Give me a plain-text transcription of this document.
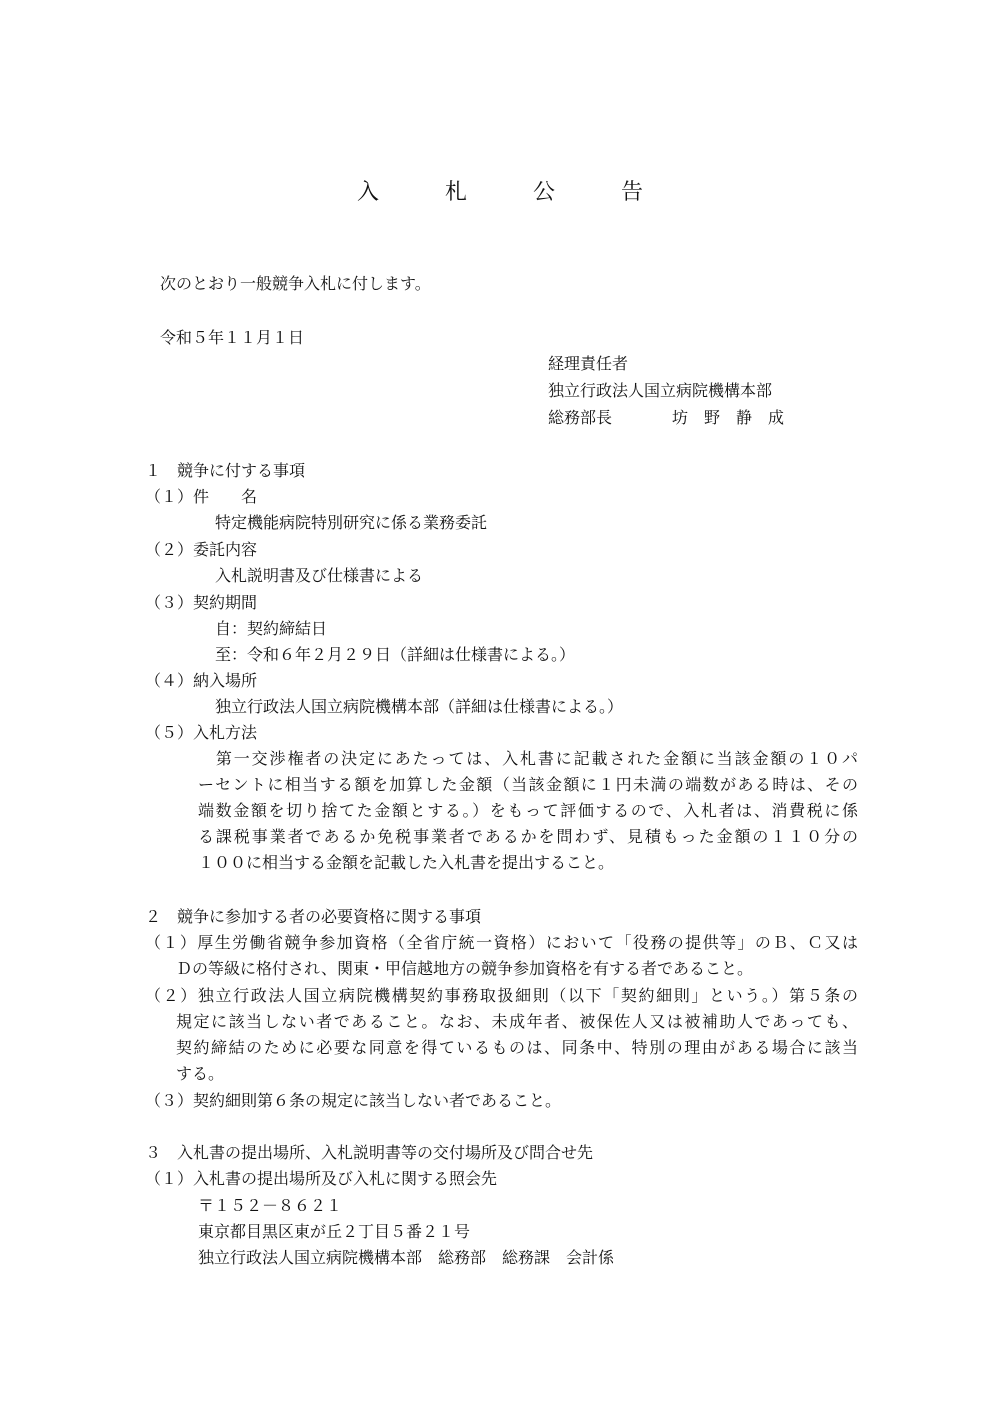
入　札　公　告
次のとおり一般競争入札に付します。
令和５年１１月１日
経理責任者
独立行政法人国立病院機構本部
総務部長	坊　野　静　成
１　競争に付する事項
（１）件　　名
特定機能病院特別研究に係る業務委託
（２）委託内容
入札説明書及び仕様書による
（３）契約期間
自：契約締結日
至：令和６年２月２９日（詳細は仕様書による。）
（４）納入場所
独立行政法人国立病院機構本部（詳細は仕様書による。）
（５）入札方法
　第一交渉権者の決定にあたっては、入札書に記載された金額に当該金額の１０パ
ーセントに相当する額を加算した金額（当該金額に１円未満の端数がある時は、その
端数金額を切り捨てた金額とする。）をもって評価するので、入札者は、消費税に係
る課税事業者であるか免税事業者であるかを問わず、見積もった金額の１１０分の
１００に相当する金額を記載した入札書を提出すること。
２　競争に参加する者の必要資格に関する事項
（１）厚生労働省競争参加資格（全省庁統一資格）において「役務の提供等」のＢ、Ｃ又は
Ｄの等級に格付され、関東・甲信越地方の競争参加資格を有する者であること。
（２）独立行政法人国立病院機構契約事務取扱細則（以下「契約細則」という。）第５条の
規定に該当しない者であること。なお、未成年者、被保佐人又は被補助人であっても、
契約締結のために必要な同意を得ているものは、同条中、特別の理由がある場合に該当
する。
（３）契約細則第６条の規定に該当しない者であること。
３　入札書の提出場所、入札説明書等の交付場所及び問合せ先
（１）入札書の提出場所及び入札に関する照会先
〒１５２－８６２１
東京都目黒区東が丘２丁目５番２１号
独立行政法人国立病院機構本部　総務部　総務課　会計係
